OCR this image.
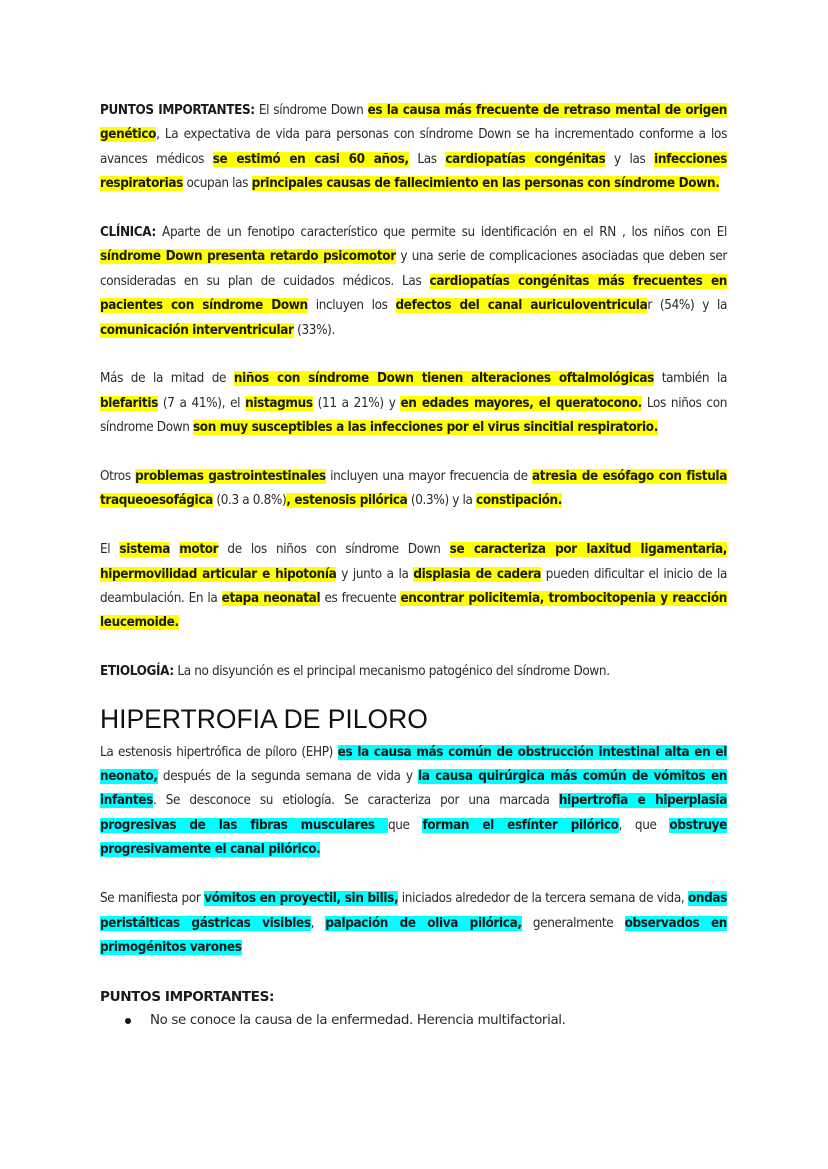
PUNTOS IMPORTANTES: El síndrome Down es la causa más frecuente de retraso mental de origen genético, La expectativa de vida para personas con síndrome Down se ha incrementado conforme a los avances médicos se estimó en casi 60 años, Las cardiopatías congénitas y las infecciones respiratorias ocupan las principales causas de fallecimiento en las personas con síndrome Down.

CLÍNICA: Aparte de un fenotipo característico que permite su identificación en el RN , los niños con El síndrome Down presenta retardo psicomotor y una serie de complicaciones asociadas que deben ser consideradas en su plan de cuidados médicos. Las cardiopatías congénitas más frecuentes en pacientes con síndrome Down incluyen los defectos del canal auriculoventricular (54%) y la comunicación interventricular (33%).

Más de la mitad de niños con síndrome Down tienen alteraciones oftalmológicas también la blefaritis (7 a 41%), el nistagmus (11 a 21%) y en edades mayores, el queratocono. Los niños con síndrome Down son muy susceptibles a las infecciones por el virus sincitial respiratorio.

Otros problemas gastrointestinales incluyen una mayor frecuencia de atresia de esófago con fistula traqueoesofágica (0.3 a 0.8%), estenosis pilórica (0.3%) y la constipación.

El sistema motor de los niños con síndrome Down se caracteriza por laxitud ligamentaria, hipermovilidad articular e hipotonía y junto a la displasia de cadera pueden dificultar el inicio de la deambulación. En la etapa neonatal es frecuente encontrar policitemia, trombocitopenia y reacción leucemoide.

ETIOLOGÍA: La no disyunción es el principal mecanismo patogénico del síndrome Down.

HIPERTROFIA DE PILORO

La estenosis hipertrófica de píloro (EHP) es la causa más común de obstrucción intestinal alta en el neonato, después de la segunda semana de vida y la causa quirúrgica más común de vómitos en infantes. Se desconoce su etiología. Se caracteriza por una marcada hipertrofia e hiperplasia progresivas de las fibras musculares que forman el esfínter pilórico, que obstruye progresivamente el canal pilórico.

Se manifiesta por vómitos en proyectil, sin bilis, iniciados alrededor de la tercera semana de vida, ondas peristálticas gástricas visibles, palpación de oliva pilórica, generalmente observados en primogénitos varones

PUNTOS IMPORTANTES:

No se conoce la causa de la enfermedad. Herencia multifactorial.
